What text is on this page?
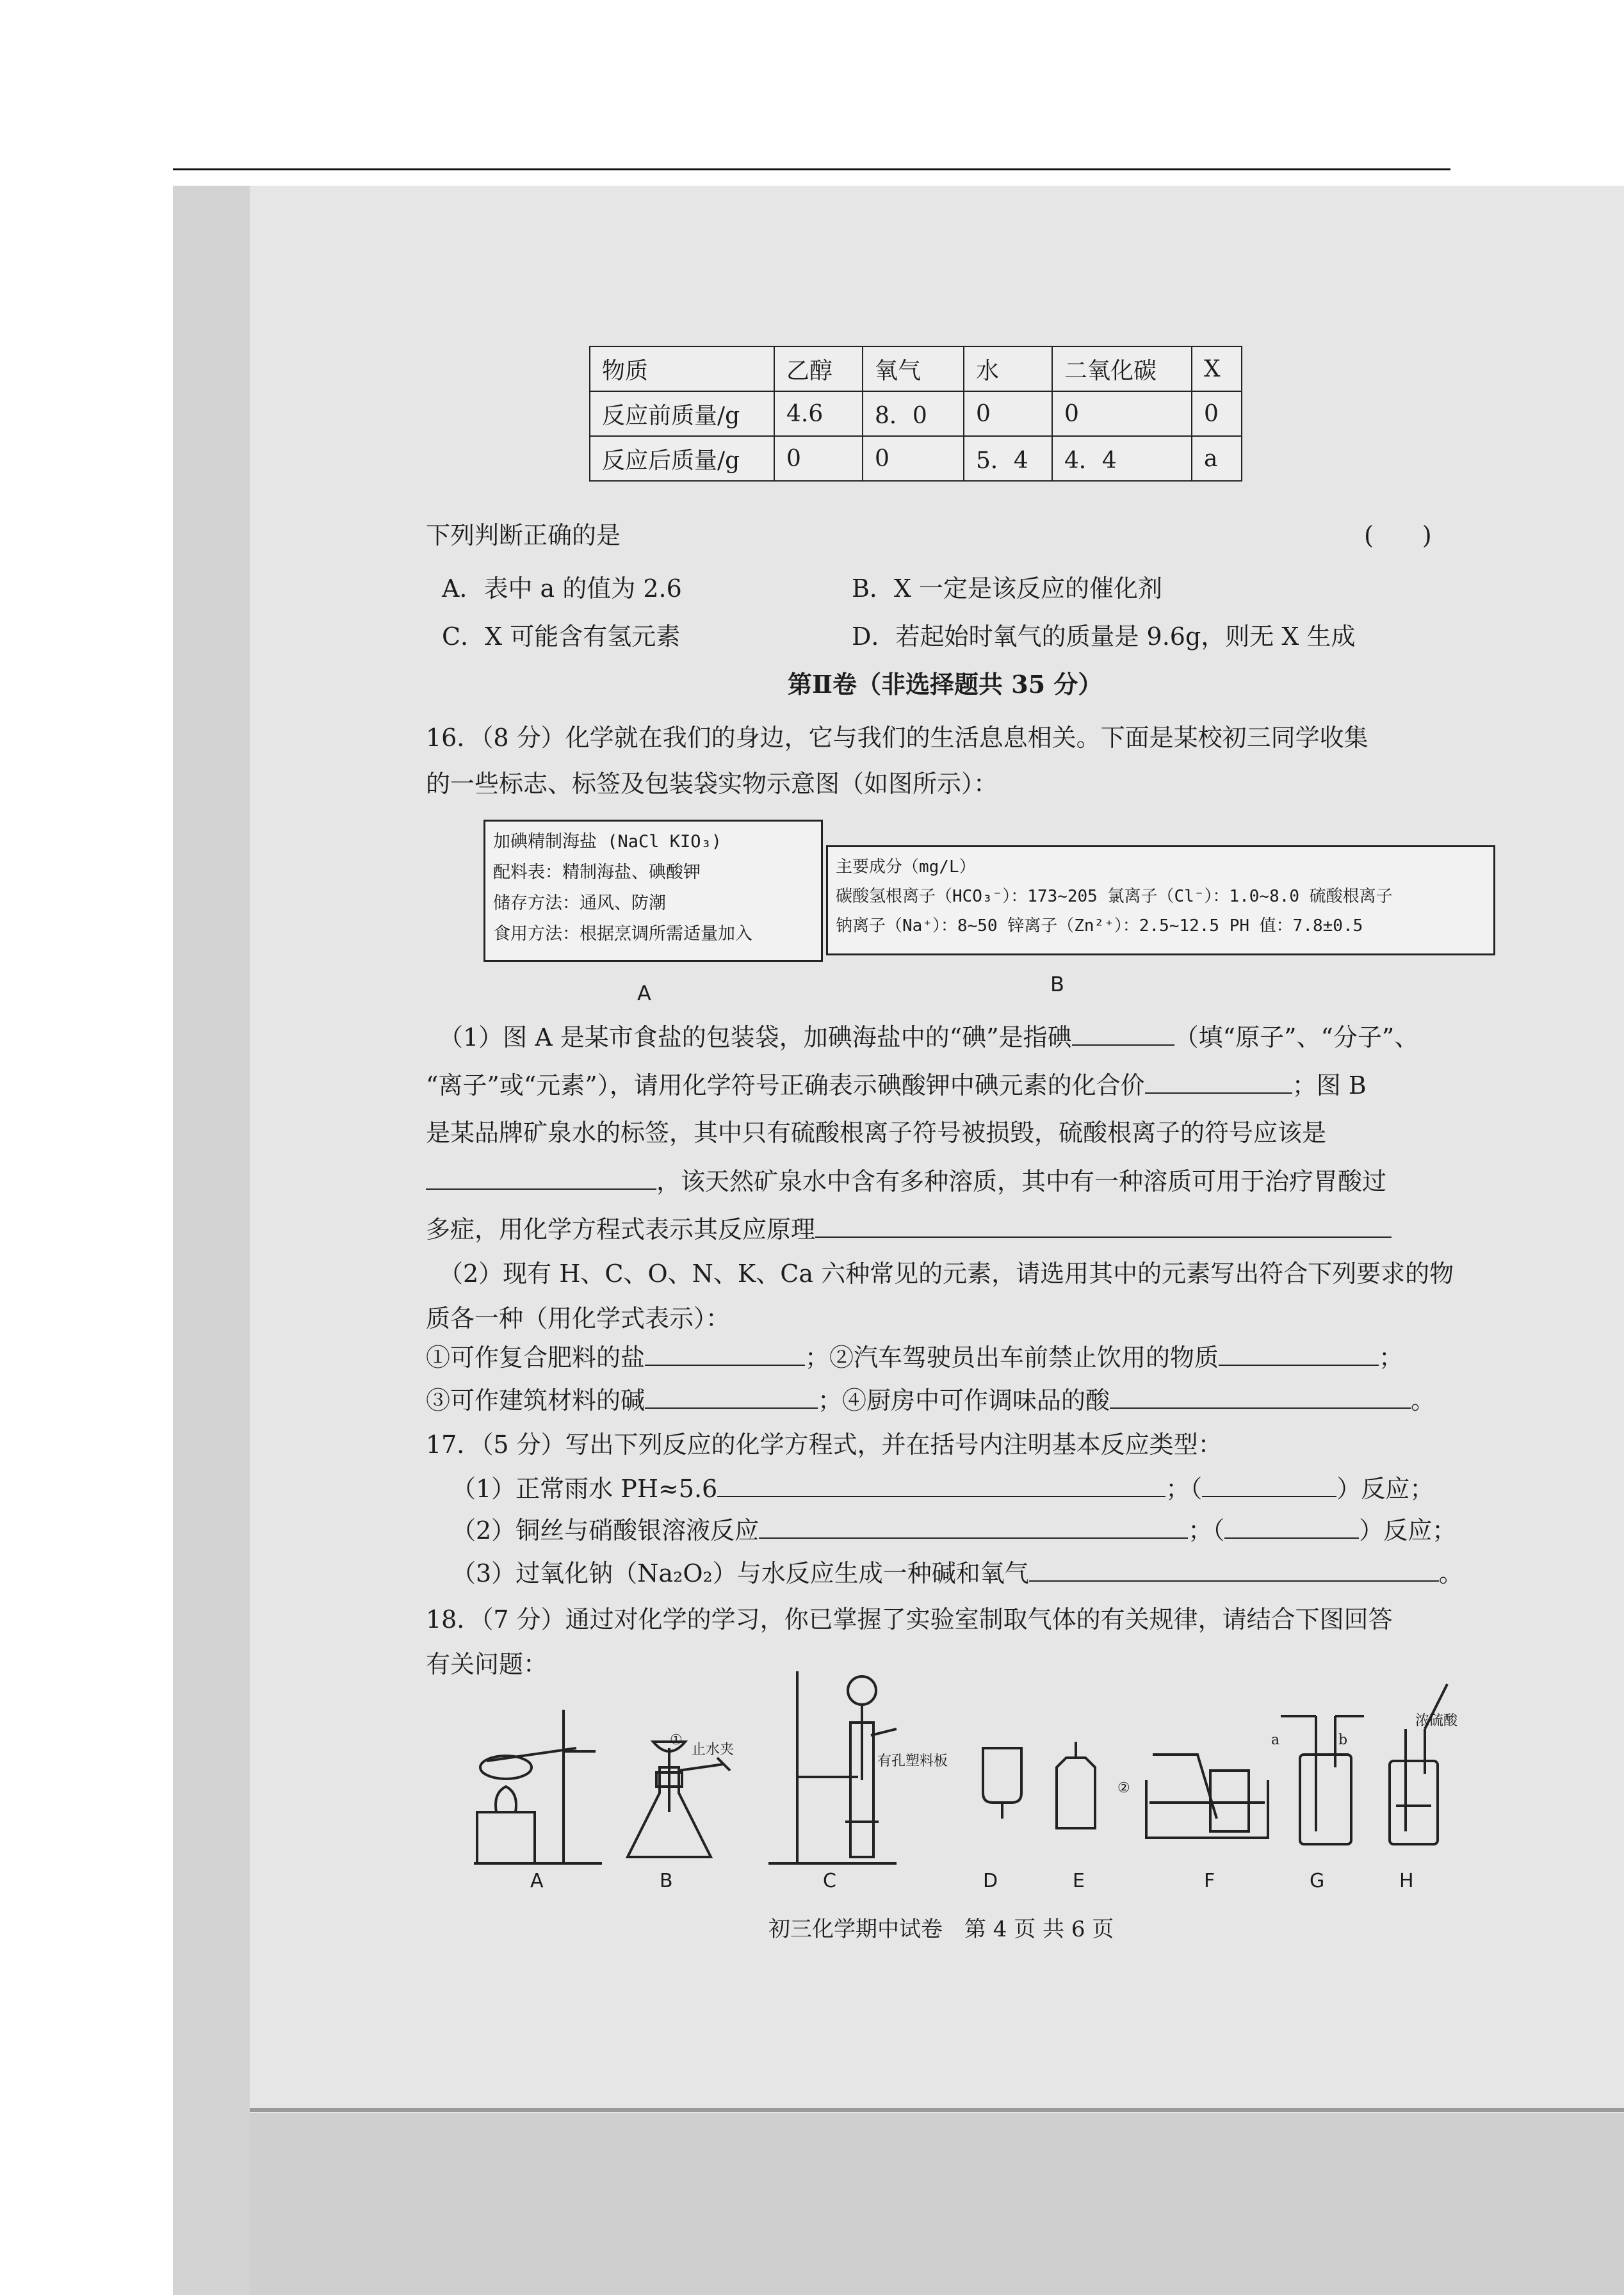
物质	乙醇	氧气	水	二氧化碳	X
反应前质量/g	4.6	8．0	0	0	0
反应后质量/g	0	0	5．4	4．4	a
下列判断正确的是	(　　)
A．表中 a 的值为 2.6	B．X 一定是该反应的催化剂
C．X 可能含有氢元素	D．若起始时氧气的质量是 9.6g，则无 X 生成
第Ⅱ卷（非选择题共 35 分）
16．（8 分）化学就在我们的身边，它与我们的生活息息相关。下面是某校初三同学收集
的一些标志、标签及包装袋实物示意图（如图所示）：
加碘精制海盐 (NaCl KIO₃)
配料表：精制海盐、碘酸钾
储存方法：通风、防潮
食用方法：根据烹调所需适量加入
A
主要成分（mg/L）
碳酸氢根离子（HCO₃⁻）：173~205 氯离子（Cl⁻）：1.0~8.0 硫酸根离子
钠离子（Na⁺）：8~50 锌离子（Zn²⁺）：2.5~12.5 PH 值：7.8±0.5
B
（1）图 A 是某市食盐的包装袋，加碘海盐中的“碘”是指碘	（填“原子”、“分子”、
“离子”或“元素”），请用化学符号正确表示碘酸钾中碘元素的化合价	；图 B
是某品牌矿泉水的标签，其中只有硫酸根离子符号被损毁，硫酸根离子的符号应该是
，该天然矿泉水中含有多种溶质，其中有一种溶质可用于治疗胃酸过
多症，用化学方程式表示其反应原理
（2）现有 H、C、O、N、K、Ca 六种常见的元素，请选用其中的元素写出符合下列要求的物
质各一种（用化学式表示）：
①可作复合肥料的盐	；②汽车驾驶员出车前禁止饮用的物质	；
③可作建筑材料的碱	；④厨房中可作调味品的酸	。
17．（5 分）写出下列反应的化学方程式，并在括号内注明基本反应类型：
（1）正常雨水 PH≈5.6	；（	）反应；
（2）铜丝与硝酸银溶液反应	；（	）反应；
（3）过氧化钠（Na₂O₂）与水反应生成一种碱和氧气	。
18．（7 分）通过对化学的学习，你已掌握了实验室制取气体的有关规律，请结合下图回答
有关问题：
①
止水夹
有孔塑料板
②
a	b
浓硫酸
A	B	C	D	E	F	G	H
初三化学期中试卷　第 4 页 共 6 页
